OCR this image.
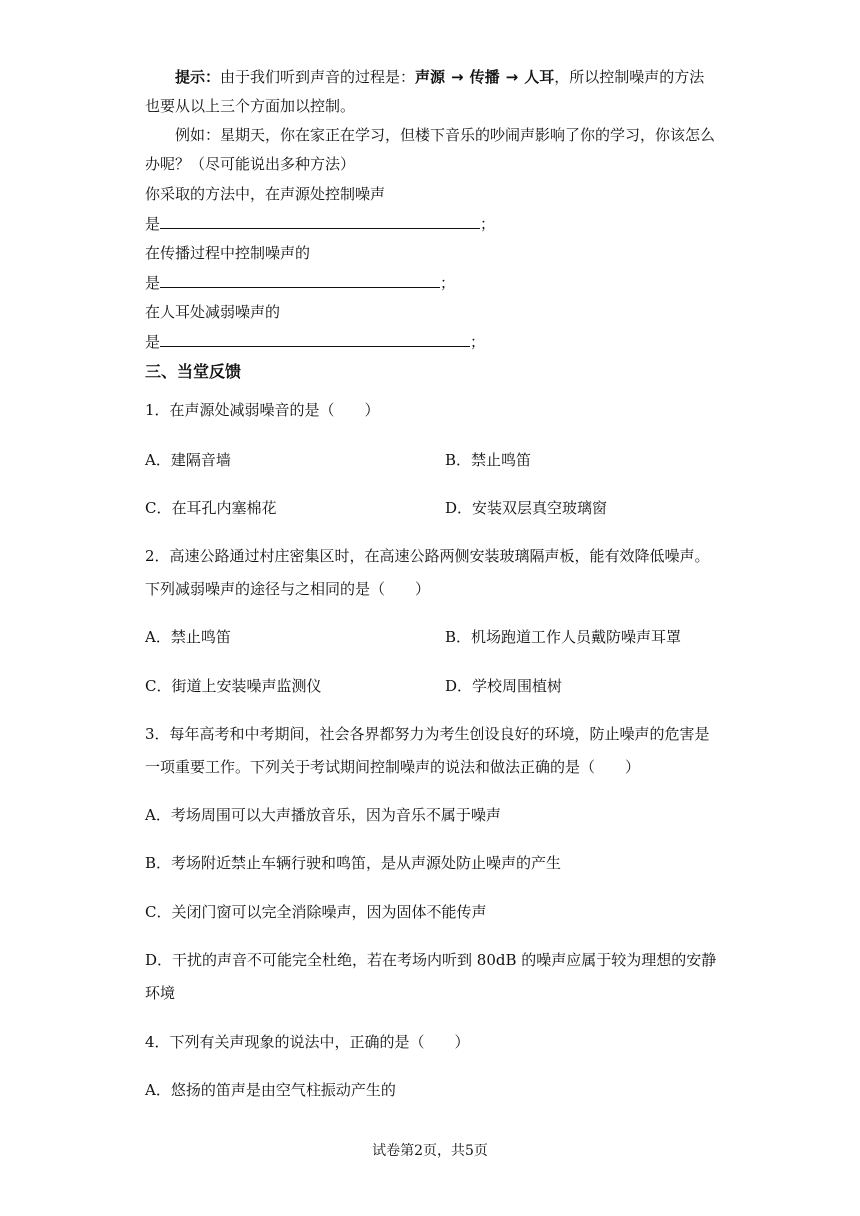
提示：由于我们听到声音的过程是：声源 → 传播 → 人耳，所以控制噪声的方法
也要从以上三个方面加以控制。
例如：星期天，你在家正在学习，但楼下音乐的吵闹声影响了你的学习，你该怎么
办呢？（尽可能说出多种方法）
你采取的方法中，在声源处控制噪声
是	；
在传播过程中控制噪声的
是	；
在人耳处减弱噪声的
是	；
三、当堂反馈
1．在声源处减弱噪音的是（　　）
A．建隔音墙	B．禁止鸣笛
C．在耳孔内塞棉花	D．安装双层真空玻璃窗
2．高速公路通过村庄密集区时，在高速公路两侧安装玻璃隔声板，能有效降低噪声。
下列减弱噪声的途径与之相同的是（　　）
A．禁止鸣笛	B．机场跑道工作人员戴防噪声耳罩
C．街道上安装噪声监测仪	D．学校周围植树
3．每年高考和中考期间，社会各界都努力为考生创设良好的环境，防止噪声的危害是
一项重要工作。下列关于考试期间控制噪声的说法和做法正确的是（　　）
A．考场周围可以大声播放音乐，因为音乐不属于噪声
B．考场附近禁止车辆行驶和鸣笛，是从声源处防止噪声的产生
C．关闭门窗可以完全消除噪声，因为固体不能传声
D．干扰的声音不可能完全杜绝，若在考场内听到 80dB 的噪声应属于较为理想的安静
环境
4．下列有关声现象的说法中，正确的是（　　）
A．悠扬的笛声是由空气柱振动产生的
试卷第2页，共5页
